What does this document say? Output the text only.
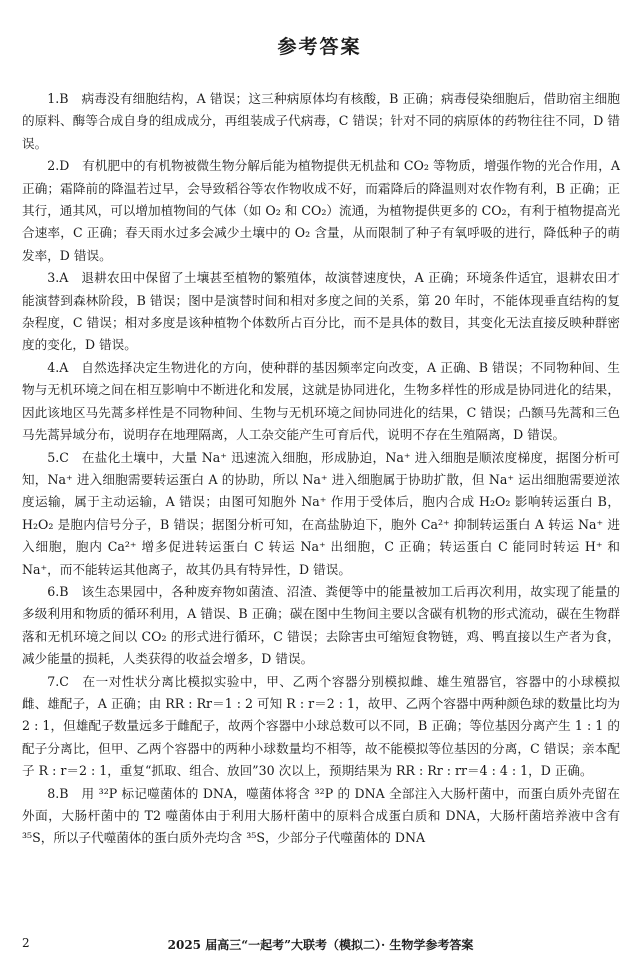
参考答案

1.B　病毒没有细胞结构，A 错误；这三种病原体均有核酸，B 正确；病毒侵染细胞后，借助宿主细胞的原料、酶等合成自身的组成成分，再组装成子代病毒，C 错误；针对不同的病原体的药物往往不同，D 错误。

2.D　有机肥中的有机物被微生物分解后能为植物提供无机盐和 CO₂ 等物质，增强作物的光合作用，A 正确；霜降前的降温若过早，会导致稻谷等农作物收成不好，而霜降后的降温则对农作物有利，B 正确；正其行，通其风，可以增加植物间的气体（如 O₂ 和 CO₂）流通，为植物提供更多的 CO₂，有利于植物提高光合速率，C 正确；春天雨水过多会减少土壤中的 O₂ 含量，从而限制了种子有氧呼吸的进行，降低种子的萌发率，D 错误。

3.A　退耕农田中保留了土壤甚至植物的繁殖体，故演替速度快，A 正确；环境条件适宜，退耕农田才能演替到森林阶段，B 错误；图中是演替时间和相对多度之间的关系，第 20 年时，不能体现垂直结构的复杂程度，C 错误；相对多度是该种植物个体数所占百分比，而不是具体的数目，其变化无法直接反映种群密度的变化，D 错误。

4.A　自然选择决定生物进化的方向，使种群的基因频率定向改变，A 正确、B 错误；不同物种间、生物与无机环境之间在相互影响中不断进化和发展，这就是协同进化，生物多样性的形成是协同进化的结果，因此该地区马先蒿多样性是不同物种间、生物与无机环境之间协同进化的结果，C 错误；凸额马先蒿和三色马先蒿异域分布，说明存在地理隔离，人工杂交能产生可育后代，说明不存在生殖隔离，D 错误。

5.C　在盐化土壤中，大量 Na⁺ 迅速流入细胞，形成胁迫，Na⁺ 进入细胞是顺浓度梯度，据图分析可知，Na⁺ 进入细胞需要转运蛋白 A 的协助，所以 Na⁺ 进入细胞属于协助扩散，但 Na⁺ 运出细胞需要逆浓度运输，属于主动运输，A 错误；由图可知胞外 Na⁺ 作用于受体后，胞内合成 H₂O₂ 影响转运蛋白 B，H₂O₂ 是胞内信号分子，B 错误；据图分析可知，在高盐胁迫下，胞外 Ca²⁺ 抑制转运蛋白 A 转运 Na⁺ 进入细胞，胞内 Ca²⁺ 增多促进转运蛋白 C 转运 Na⁺ 出细胞，C 正确；转运蛋白 C 能同时转运 H⁺ 和 Na⁺，而不能转运其他离子，故其仍具有特异性，D 错误。

6.B　该生态果园中，各种废弃物如菌渣、沼渣、粪便等中的能量被加工后再次利用，故实现了能量的多级利用和物质的循环利用，A 错误、B 正确；碳在图中生物间主要以含碳有机物的形式流动，碳在生物群落和无机环境之间以 CO₂ 的形式进行循环，C 错误；去除害虫可缩短食物链，鸡、鸭直接以生产者为食，减少能量的损耗，人类获得的收益会增多，D 错误。

7.C　在一对性状分离比模拟实验中，甲、乙两个容器分别模拟雌、雄生殖器官，容器中的小球模拟雌、雄配子，A 正确；由 RR : Rr＝1 : 2 可知 R : r＝2 : 1，故甲、乙两个容器中两种颜色球的数量比均为 2 : 1，但雄配子数量远多于雌配子，故两个容器中小球总数可以不同，B 正确；等位基因分离产生 1 : 1 的配子分离比，但甲、乙两个容器中的两种小球数量均不相等，故不能模拟等位基因的分离，C 错误；亲本配子 R : r＝2 : 1，重复“抓取、组合、放回”30 次以上，预期结果为 RR : Rr : rr＝4 : 4 : 1，D 正确。

8.B　用 ³²P 标记噬菌体的 DNA，噬菌体将含 ³²P 的 DNA 全部注入大肠杆菌中，而蛋白质外壳留在外面，大肠杆菌中的 T2 噬菌体由于利用大肠杆菌中的原料合成蛋白质和 DNA，大肠杆菌培养液中含有 ³⁵S，所以子代噬菌体的蛋白质外壳均含 ³⁵S，少部分子代噬菌体的 DNA

2	2025 届高三“一起考”大联考（模拟二）· 生物学参考答案
